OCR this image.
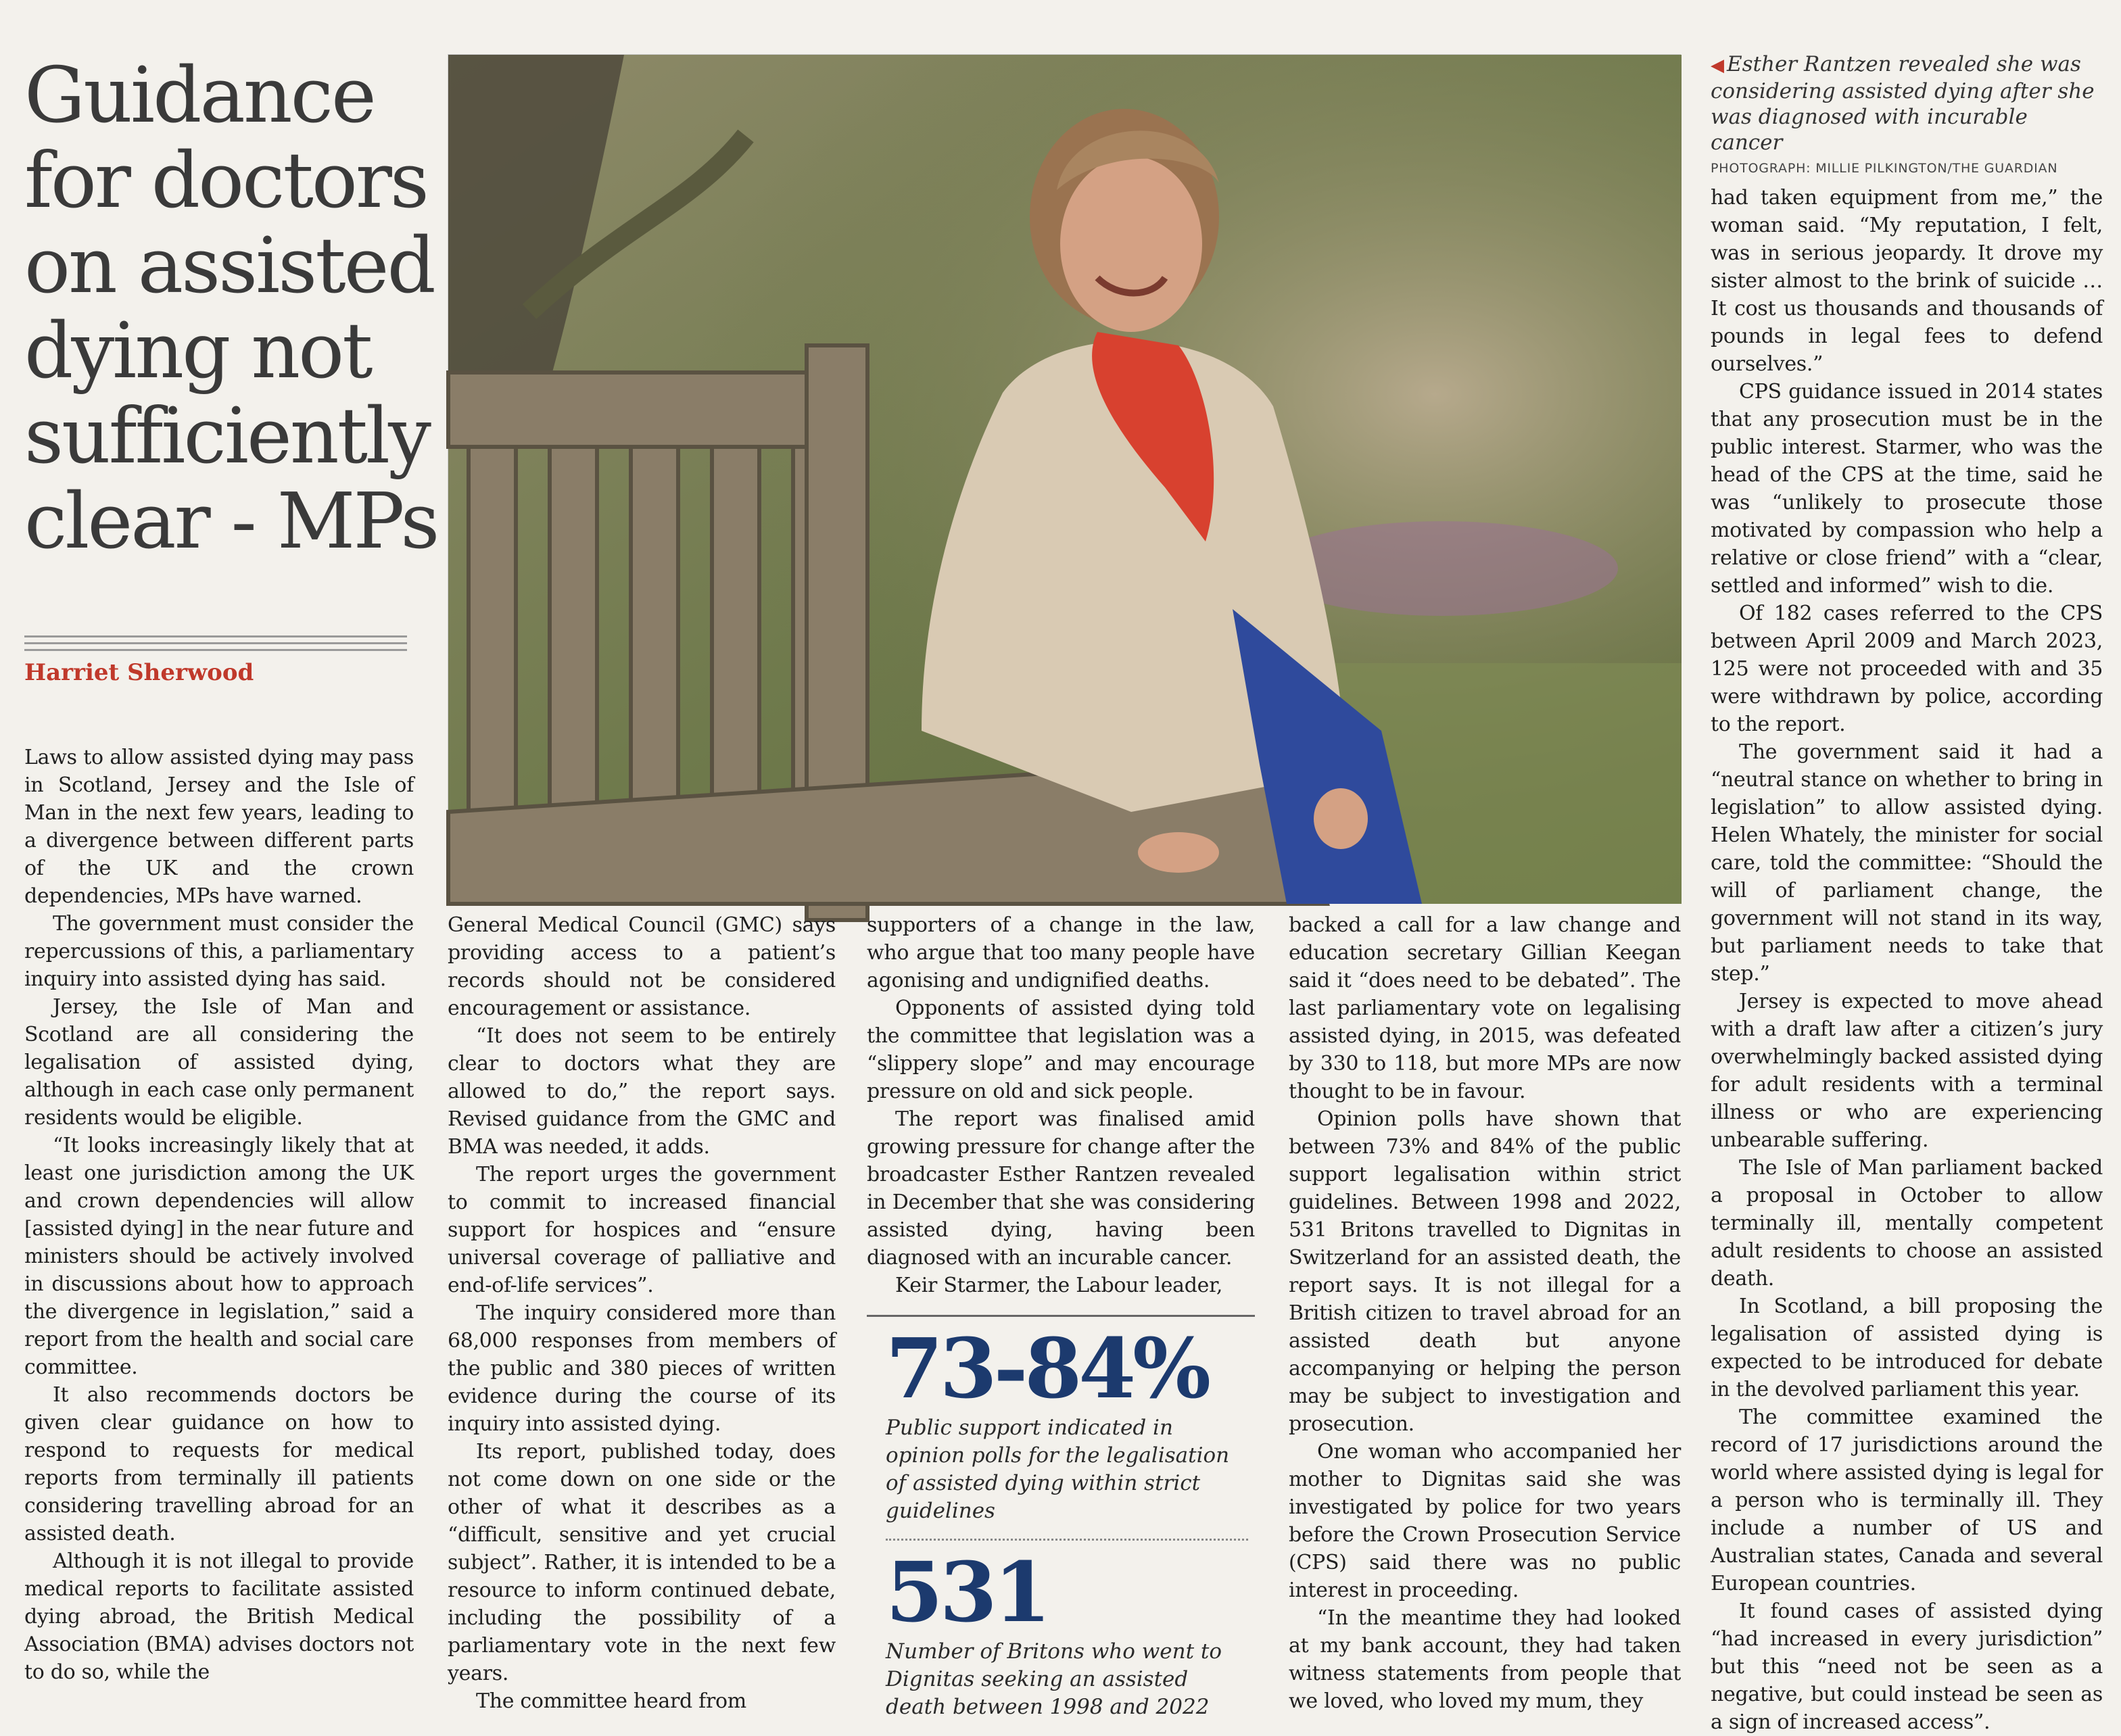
Guidance
for doctors
on assisted
dying not
sufficiently
clear - MPs
Harriet Sherwood
◀ Esther Rantzen revealed she was considering assisted dying after she was diagnosed with incurable cancer
PHOTOGRAPH: MILLIE PILKINGTON/THE GUARDIAN

Laws to allow assisted dying may pass in Scotland, Jersey and the Isle of Man in the next few years, leading to a divergence between different parts of the UK and the crown dependencies, MPs have warned.

The government must consider the repercussions of this, a parliamentary inquiry into assisted dying has said.

Jersey, the Isle of Man and Scotland are all considering the legalisation of assisted dying, although in each case only permanent residents would be eligible.

“It looks increasingly likely that at least one jurisdiction among the UK and crown dependencies will allow [assisted dying] in the near future and ministers should be actively involved in discussions about how to approach the divergence in legislation,” said a report from the health and social care committee.

It also recommends doctors be given clear guidance on how to respond to requests for medical reports from terminally ill patients considering travelling abroad for an assisted death.

Although it is not illegal to provide medical reports to facilitate assisted dying abroad, the British Medical Association (BMA) advises doctors not to do so, while the

General Medical Council (GMC) says providing access to a patient’s records should not be considered encouragement or assistance.

“It does not seem to be entirely clear to doctors what they are allowed to do,” the report says. Revised guidance from the GMC and BMA was needed, it adds.

The report urges the government to commit to increased financial support for hospices and “ensure universal coverage of palliative and end-of-life services”.

The inquiry considered more than 68,000 responses from members of the public and 380 pieces of written evidence during the course of its inquiry into assisted dying.

Its report, published today, does not come down on one side or the other of what it describes as a “difficult, sensitive and yet crucial subject”. Rather, it is intended to be a resource to inform continued debate, including the possibility of a parliamentary vote in the next few years.

The committee heard from

supporters of a change in the law, who argue that too many people have agonising and undignified deaths.

Opponents of assisted dying told the committee that legislation was a “slippery slope” and may encourage pressure on old and sick people.

The report was finalised amid growing pressure for change after the broadcaster Esther Rantzen revealed in December that she was considering assisted dying, having been diagnosed with an incurable cancer.

Keir Starmer, the Labour leader,

73-84%
Public support indicated in opinion polls for the legalisation of assisted dying within strict guidelines
531
Number of Britons who went to Dignitas seeking an assisted death between 1998 and 2022

backed a call for a law change and education secretary Gillian Keegan said it “does need to be debated”. The last parliamentary vote on legalising assisted dying, in 2015, was defeated by 330 to 118, but more MPs are now thought to be in favour.

Opinion polls have shown that between 73% and 84% of the public support legalisation within strict guidelines. Between 1998 and 2022, 531 Britons travelled to Dignitas in Switzerland for an assisted death, the report says. It is not illegal for a British citizen to travel abroad for an assisted death but anyone accompanying or helping the person may be subject to investigation and prosecution.

One woman who accompanied her mother to Dignitas said she was investigated by police for two years before the Crown Prosecution Service (CPS) said there was no public interest in proceeding.

“In the meantime they had looked at my bank account, they had taken witness statements from people that we loved, who loved my mum, they

had taken equipment from me,” the woman said. “My reputation, I felt, was in serious jeopardy. It drove my sister almost to the brink of suicide … It cost us thousands and thousands of pounds in legal fees to defend ourselves.”

CPS guidance issued in 2014 states that any prosecution must be in the public interest. Starmer, who was the head of the CPS at the time, said he was “unlikely to prosecute those motivated by compassion who help a relative or close friend” with a “clear, settled and informed” wish to die.

Of 182 cases referred to the CPS between April 2009 and March 2023, 125 were not proceeded with and 35 were withdrawn by police, according to the report.

The government said it had a “neutral stance on whether to bring in legislation” to allow assisted dying. Helen Whately, the minister for social care, told the committee: “Should the will of parliament change, the government will not stand in its way, but parliament needs to take that step.”

Jersey is expected to move ahead with a draft law after a citizen’s jury overwhelmingly backed assisted dying for adult residents with a terminal illness or who are experiencing unbearable suffering.

The Isle of Man parliament backed a proposal in October to allow terminally ill, mentally competent adult residents to choose an assisted death.

In Scotland, a bill proposing the legalisation of assisted dying is expected to be introduced for debate in the devolved parliament this year.

The committee examined the record of 17 jurisdictions around the world where assisted dying is legal for a person who is terminally ill. They include a number of US and Australian states, Canada and several European countries.

It found cases of assisted dying “had increased in every jurisdiction” but this “need not be seen as a negative, but could instead be seen as a sign of increased access”.
